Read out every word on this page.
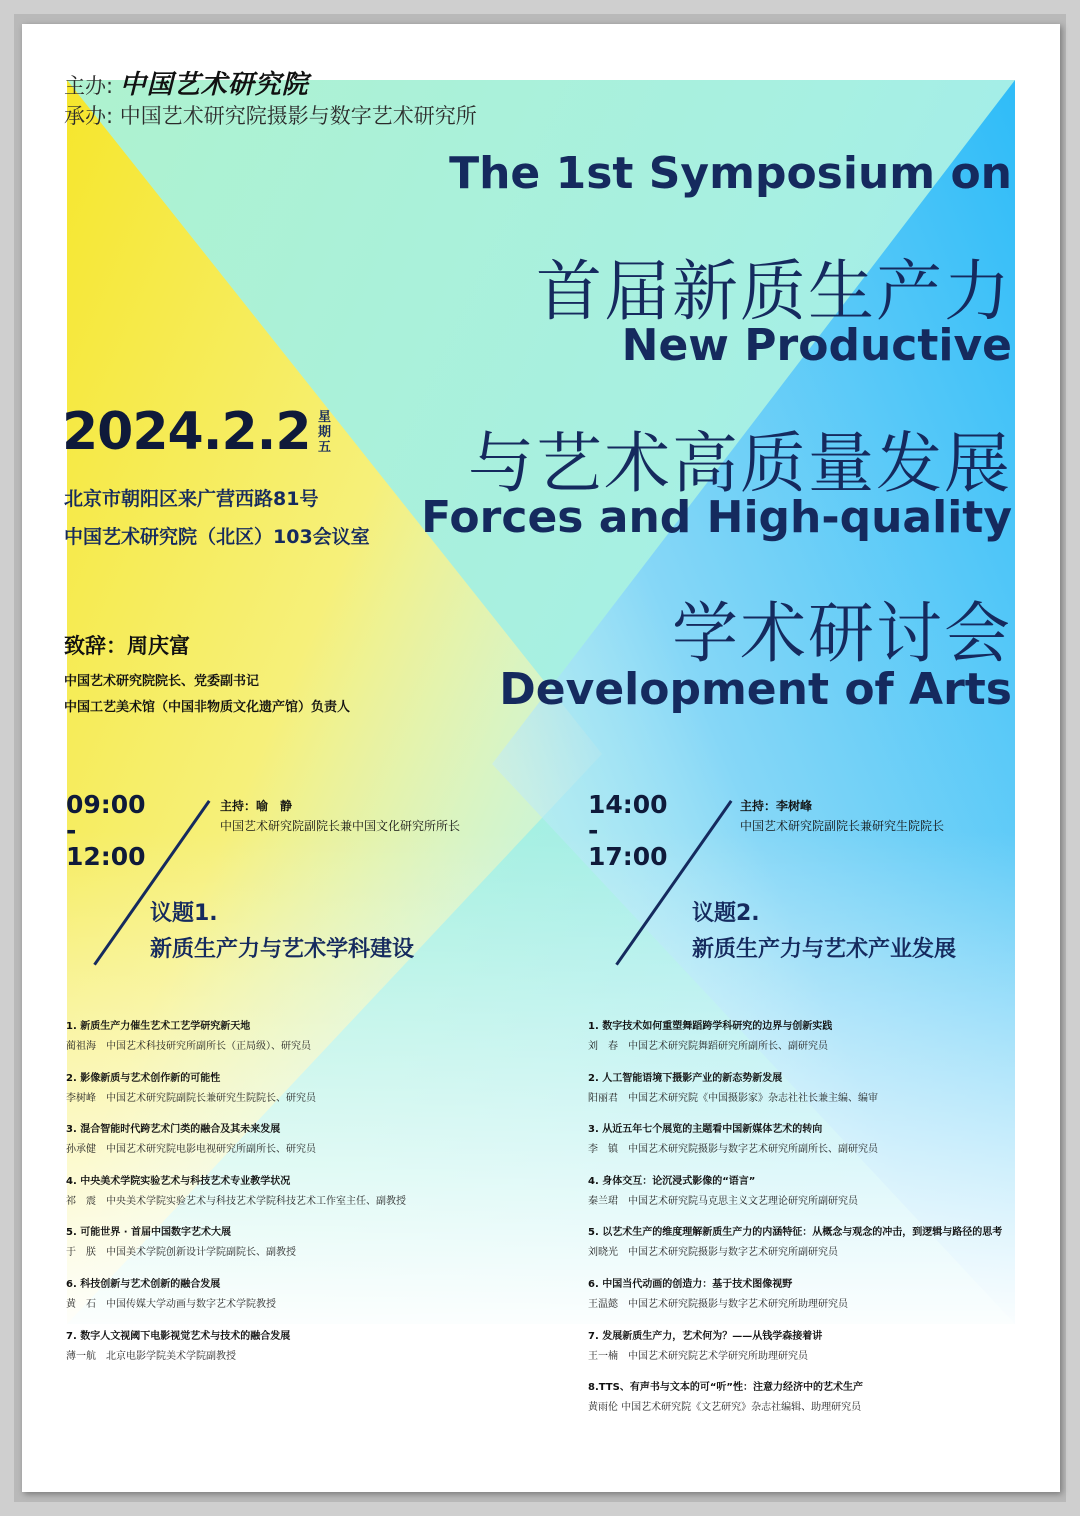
主办: 中国艺术研究院
承办: 中国艺术研究院摄影与数字艺术研究所
The 1st Symposium on
首届新质生产力
New Productive
与艺术高质量发展
Forces and High-quality
学术研讨会
Development of Arts
2024.2.2 星期五
北京市朝阳区来广营西路81号
中国艺术研究院（北区）103会议室
致辞：周庆富
中国艺术研究院院长、党委副书记
中国工艺美术馆（中国非物质文化遗产馆）负责人
09:00
-
12:00
主持：喻　静
中国艺术研究院副院长兼中国文化研究所所长
议题1.
新质生产力与艺术学科建设
14:00
-
17:00
主持：李树峰
中国艺术研究院副院长兼研究生院院长
议题2.
新质生产力与艺术产业发展
1. 新质生产力催生艺术工艺学研究新天地
蔺祖海　中国艺术科技研究所副所长（正局级）、研究员
2. 影像新质与艺术创作新的可能性
李树峰　中国艺术研究院副院长兼研究生院院长、研究员
3. 混合智能时代跨艺术门类的融合及其未来发展
孙承健　中国艺术研究院电影电视研究所副所长、研究员
4. 中央美术学院实验艺术与科技艺术专业教学状况
祁　震　中央美术学院实验艺术与科技艺术学院科技艺术工作室主任、副教授
5. 可能世界 · 首届中国数字艺术大展
于　朕　中国美术学院创新设计学院副院长、副教授
6. 科技创新与艺术创新的融合发展
黄　石　中国传媒大学动画与数字艺术学院教授
7. 数字人文视阈下电影视觉艺术与技术的融合发展
薄一航　北京电影学院美术学院副教授
1. 数字技术如何重塑舞蹈跨学科研究的边界与创新实践
刘　春　中国艺术研究院舞蹈研究所副所长、副研究员
2. 人工智能语境下摄影产业的新态势新发展
阳丽君　中国艺术研究院《中国摄影家》杂志社社长兼主编、编审
3. 从近五年七个展览的主题看中国新媒体艺术的转向
李　镇　中国艺术研究院摄影与数字艺术研究所副所长、副研究员
4. 身体交互：论沉浸式影像的“语言”
秦兰珺　中国艺术研究院马克思主义文艺理论研究所副研究员
5. 以艺术生产的维度理解新质生产力的内涵特征：从概念与观念的冲击，到逻辑与路径的思考
刘晓光　中国艺术研究院摄影与数字艺术研究所副研究员
6. 中国当代动画的创造力：基于技术图像视野
王温懿　中国艺术研究院摄影与数字艺术研究所助理研究员
7. 发展新质生产力，艺术何为？——从钱学森接着讲
王一楠　中国艺术研究院艺术学研究所助理研究员
8.TTS、有声书与文本的可“听”性：注意力经济中的艺术生产
黄雨伦 中国艺术研究院《文艺研究》杂志社编辑、助理研究员
